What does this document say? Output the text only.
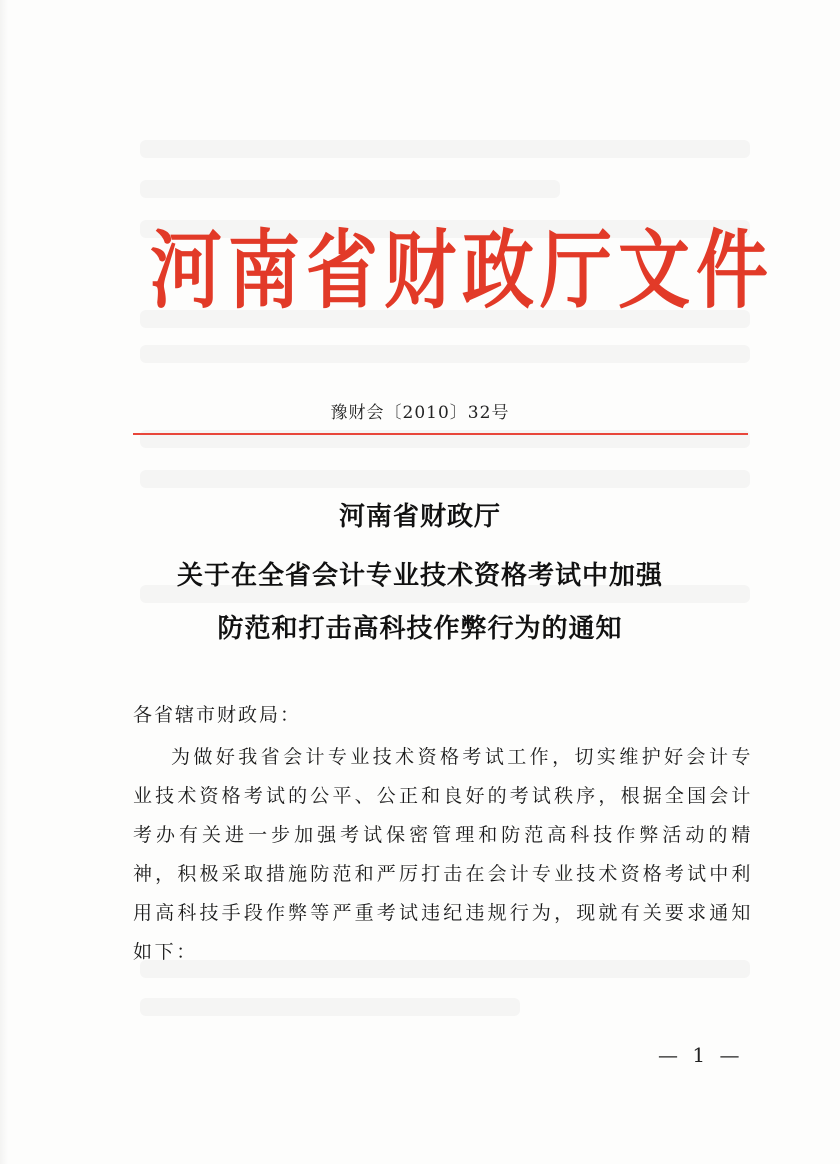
河南省财政厅文件
豫财会〔2010〕32号
河南省财政厅
关于在全省会计专业技术资格考试中加强
防范和打击高科技作弊行为的通知
各省辖市财政局：
为做好我省会计专业技术资格考试工作，切实维护好会计专业技术资格考试的公平、公正和良好的考试秩序，根据全国会计考办有关进一步加强考试保密管理和防范高科技作弊活动的精神，积极采取措施防范和严厉打击在会计专业技术资格考试中利用高科技手段作弊等严重考试违纪违规行为，现就有关要求通知如下：
— 1 —
